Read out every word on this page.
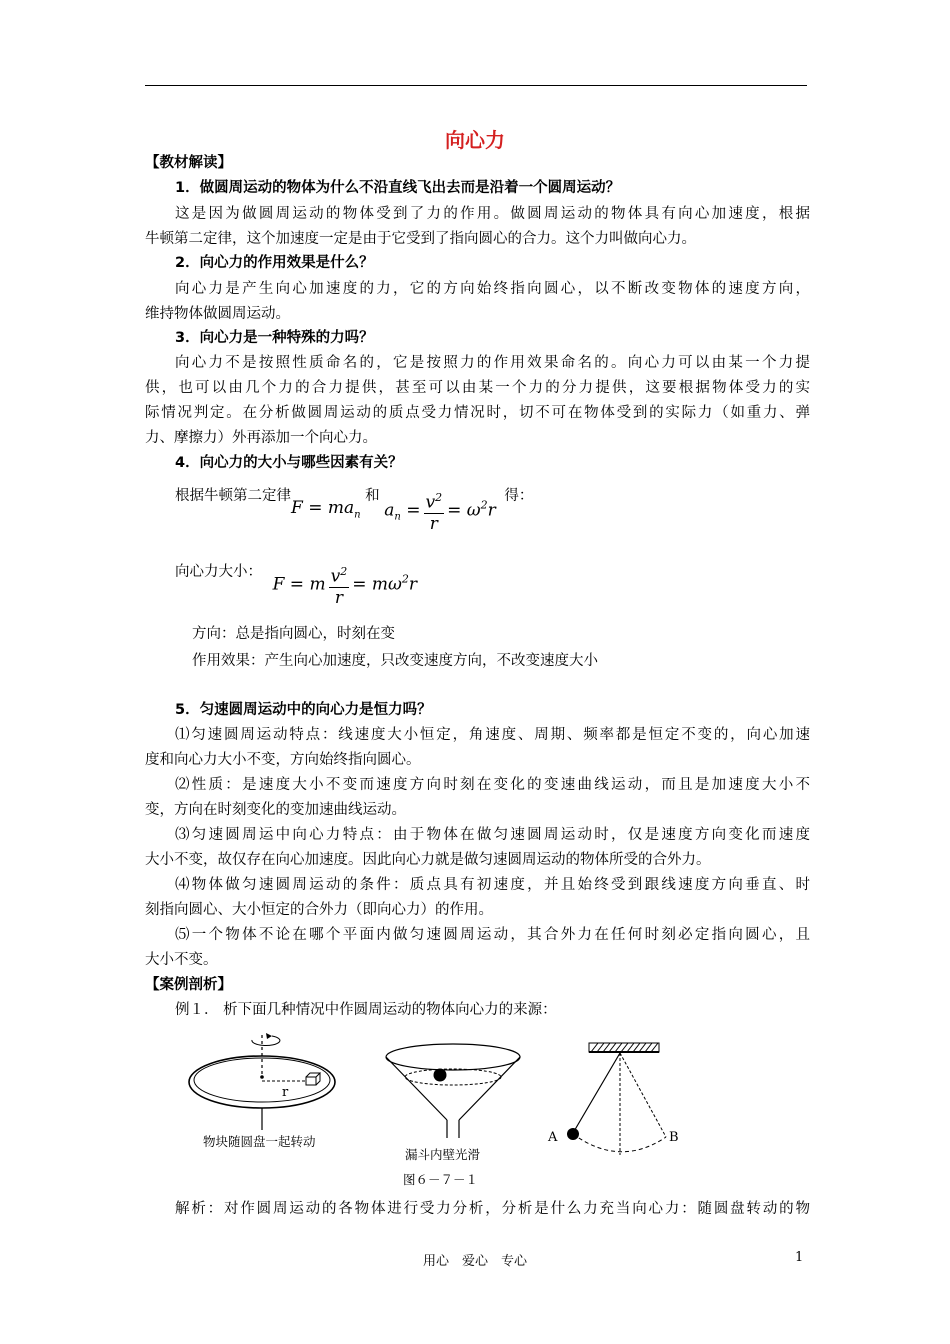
向心力
【教材解读】
1．做圆周运动的物体为什么不沿直线飞出去而是沿着一个圆周运动？
这是因为做圆周运动的物体受到了力的作用。做圆周运动的物体具有向心加速度，根据
牛顿第二定律，这个加速度一定是由于它受到了指向圆心的合力。这个力叫做向心力。
2．向心力的作用效果是什么？
向心力是产生向心加速度的力，它的方向始终指向圆心，以不断改变物体的速度方向，
维持物体做圆周运动。
3．向心力是一种特殊的力吗？
向心力不是按照性质命名的，它是按照力的作用效果命名的。向心力可以由某一个力提
供，也可以由几个力的合力提供，甚至可以由某一个力的分力提供，这要根据物体受力的实
际情况判定。在分析做圆周运动的质点受力情况时，切不可在物体受到的实际力（如重力、弹
力、摩擦力）外再添加一个向心力。
4．向心力的大小与哪些因素有关？
根据牛顿第二定律$F = ma_n$ 和 $a_n = \frac{v^2}{r} = \omega^2r$ 得：
向心力大小： F = m $\frac{v^2}{r} = m\omega^2r$
方向：总是指向圆心，时刻在变
作用效果：产生向心加速度，只改变速度方向，不改变速度大小
5．匀速圆周运动中的向心力是恒力吗？
⑴匀速圆周运动特点：线速度大小恒定，角速度、周期、频率都是恒定不变的，向心加速
度和向心力大小不变，方向始终指向圆心。
⑵性质：是速度大小不变而速度方向时刻在变化的变速曲线运动，而且是加速度大小不
变，方向在时刻变化的变加速曲线运动。
⑶匀速圆周运中向心力特点：由于物体在做匀速圆周运动时，仅是速度方向变化而速度
大小不变，故仅存在向心加速度。因此向心力就是做匀速圆周运动的物体所受的合外力。
⑷物体做匀速圆周运动的条件：质点具有初速度，并且始终受到跟线速度方向垂直、时
刻指向圆心、大小恒定的合外力（即向心力）的作用。
⑸一个物体不论在哪个平面内做匀速圆周运动，其合外力在任何时刻必定指向圆心，且
大小不变。
【案例剖析】
例１． 析下面几种情况中作圆周运动的物体向心力的来源：
r
物块随圆盘一起转动
漏斗内壁光滑
A	B
图６－７－１
解析：对作圆周运动的各物体进行受力分析，分析是什么力充当向心力：随圆盘转动的物
用心　爱心　专心	1
